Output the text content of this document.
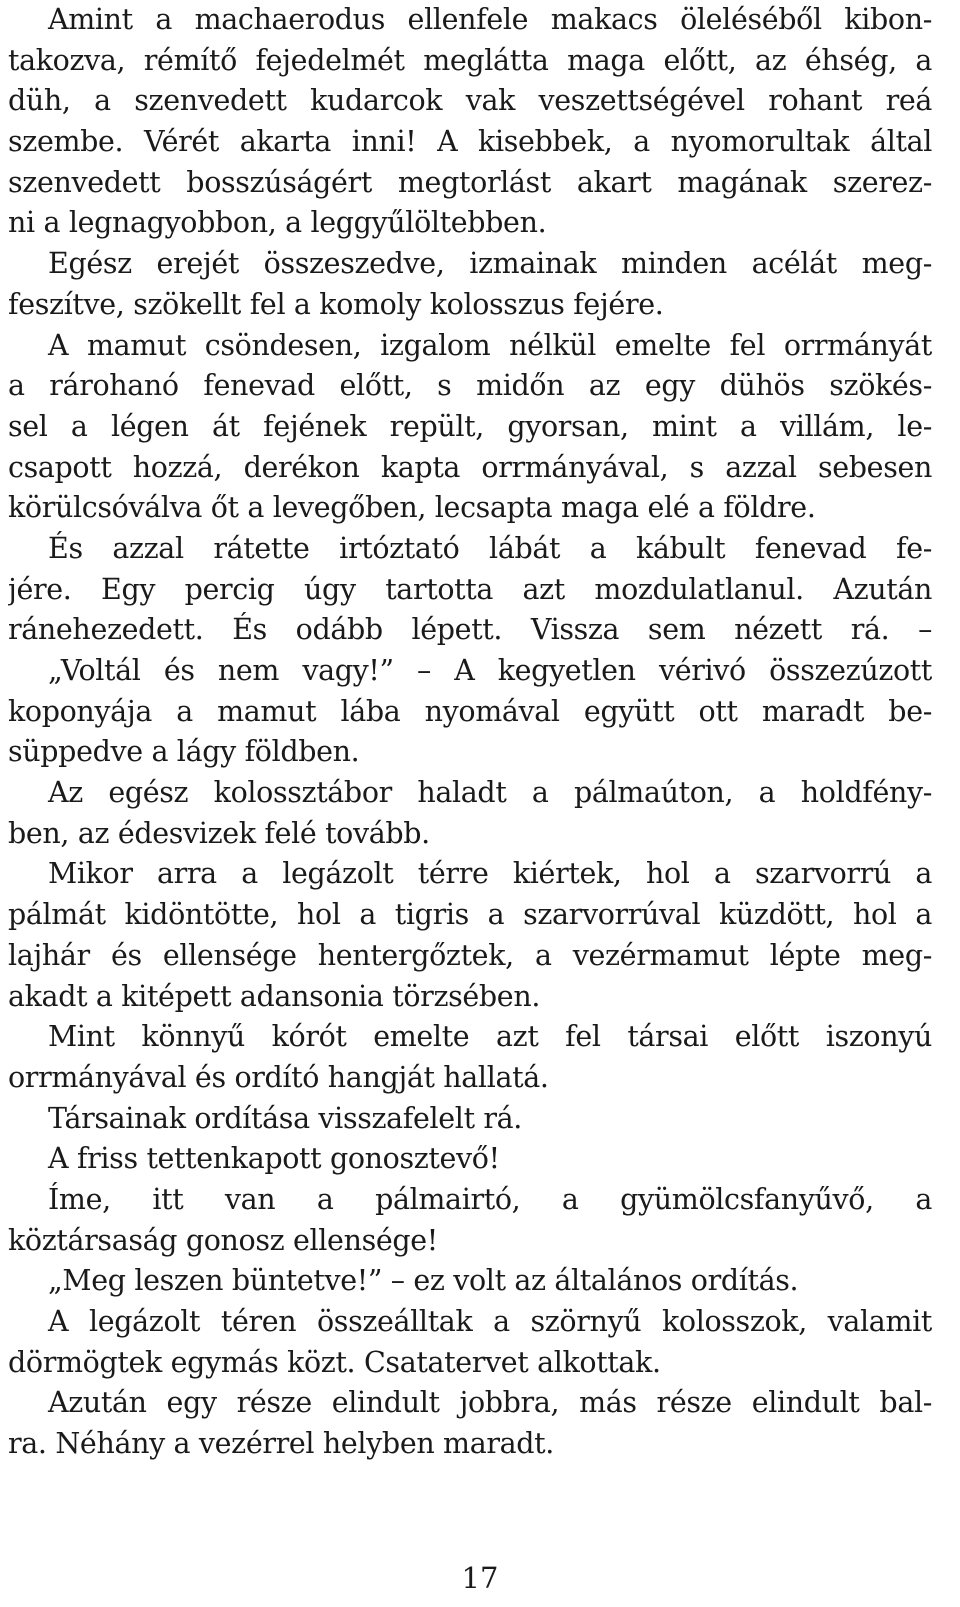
Amint a machaerodus ellenfele makacs öleléséből kibon-
takozva, rémítő fejedelmét meglátta maga előtt, az éhség, a
düh, a szenvedett kudarcok vak veszettségével rohant reá
szembe. Vérét akarta inni! A kisebbek, a nyomorultak által
szenvedett bosszúságért megtorlást akart magának szerez-
ni a legnagyobbon, a leggyűlöltebben.
Egész erejét összeszedve, izmainak minden acélát meg-
feszítve, szökellt fel a komoly kolosszus fejére.
A mamut csöndesen, izgalom nélkül emelte fel orrmányát
a rárohanó fenevad előtt, s midőn az egy dühös szökés-
sel a légen át fejének repült, gyorsan, mint a villám, le-
csapott hozzá, derékon kapta orrmányával, s azzal sebesen
körülcsóválva őt a levegőben, lecsapta maga elé a földre.
És azzal rátette irtóztató lábát a kábult fenevad fe-
jére. Egy percig úgy tartotta azt mozdulatlanul. Azután
ránehezedett. És odább lépett. Vissza sem nézett rá. –
„Voltál és nem vagy!” – A kegyetlen vérivó összezúzott
koponyája a mamut lába nyomával együtt ott maradt be-
süppedve a lágy földben.
Az egész kolossztábor haladt a pálmaúton, a holdfény-
ben, az édesvizek felé tovább.
Mikor arra a legázolt térre kiértek, hol a szarvorrú a
pálmát kidöntötte, hol a tigris a szarvorrúval küzdött, hol a
lajhár és ellensége hentergőztek, a vezérmamut lépte meg-
akadt a kitépett adansonia törzsében.
Mint könnyű kórót emelte azt fel társai előtt iszonyú
orrmányával és ordító hangját hallatá.
Társainak ordítása visszafelelt rá.
A friss tettenkapott gonosztevő!
Íme, itt van a pálmairtó, a gyümölcsfanyűvő, a
köztársaság gonosz ellensége!
„Meg leszen büntetve!” – ez volt az általános ordítás.
A legázolt téren összeálltak a szörnyű kolosszok, valamit
dörmögtek egymás közt. Csatatervet alkottak.
Azután egy része elindult jobbra, más része elindult bal-
ra. Néhány a vezérrel helyben maradt.
17
